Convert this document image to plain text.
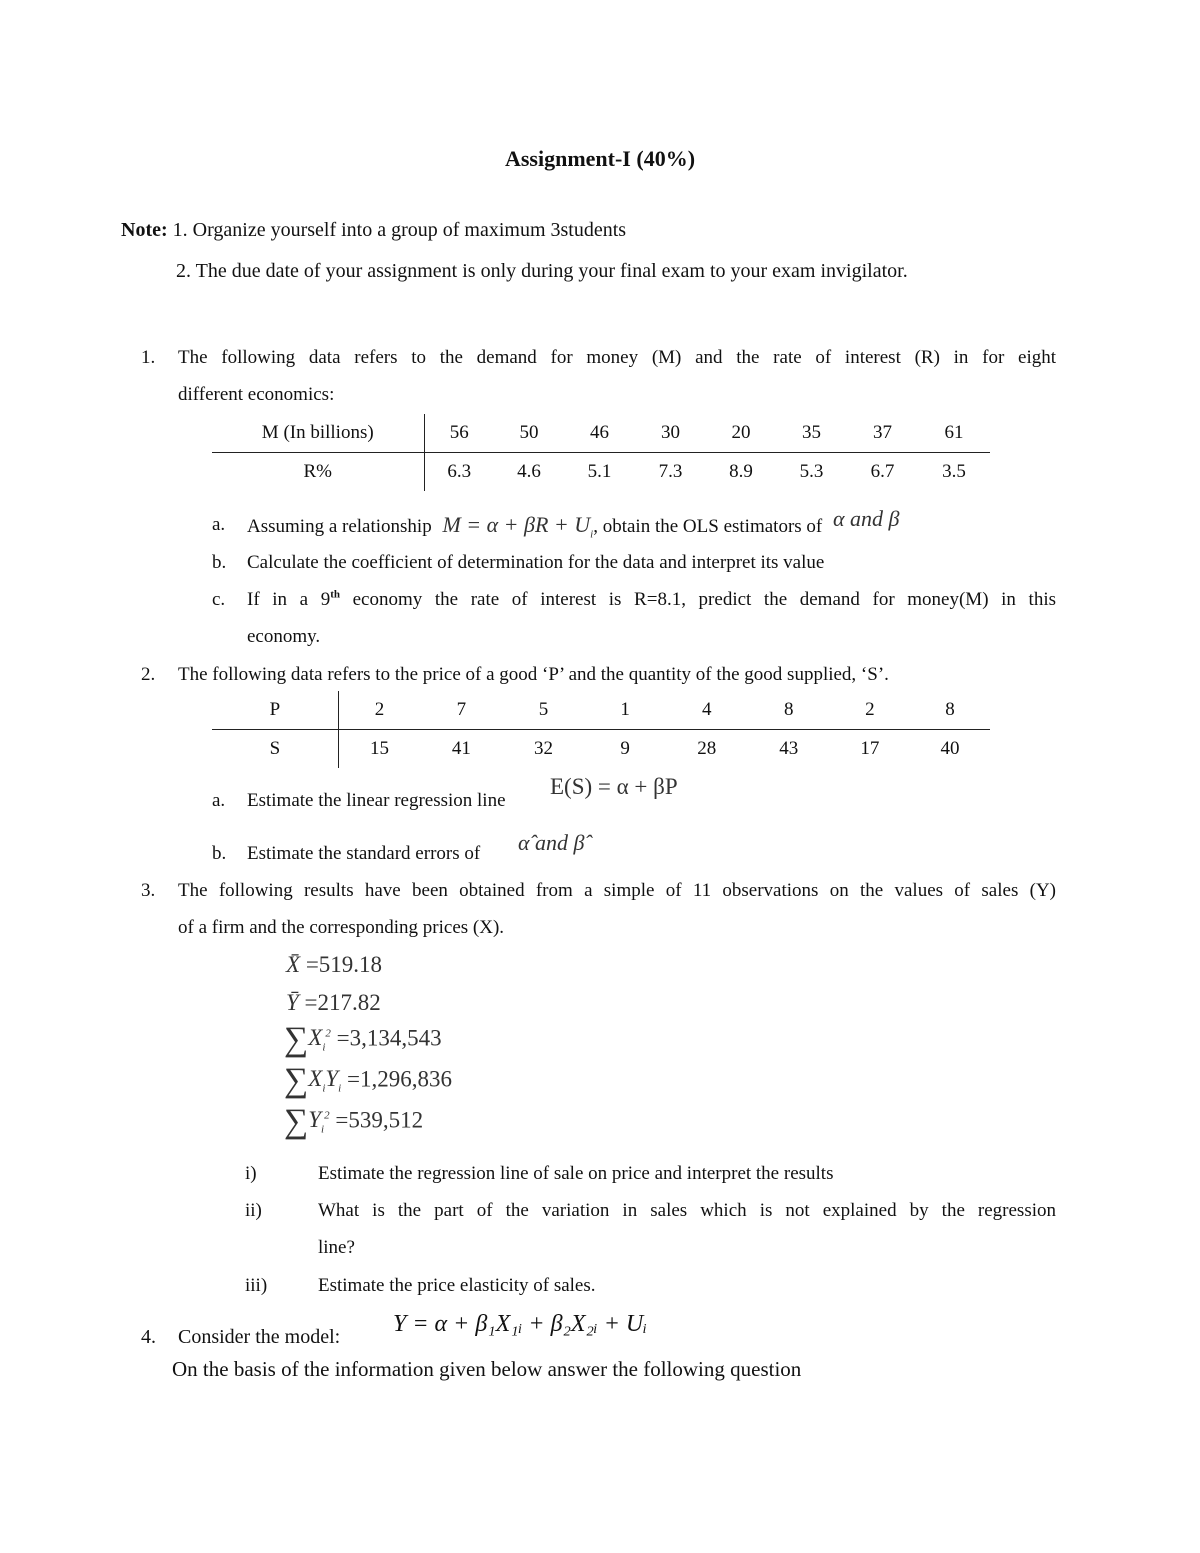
Assignment-I (40%)
Note: 1. Organize yourself into a group of maximum 3students
2. The due date of your assignment is only during your final exam to your exam invigilator.
1. The following data refers to the demand for money (M) and the rate of interest (R) in for eight
different economics:
M (In billions)	56	50	46	30	20	35	37	61
R%	6.3	4.6	5.1	7.3	8.9	5.3	6.7	3.5
a. Assuming a relationship $M = \alpha + \beta R + U_i$, obtain the OLS estimators of α and β
b. Calculate the coefficient of determination for the data and interpret its value
c. If in a 9th economy the rate of interest is R=8.1, predict the demand for money(M) in this
economy.
2. The following data refers to the price of a good ‘P’ and the quantity of the good supplied, ‘S’.
P	2	7	5	1	4	8	2	8
S	15	41	32	9	28	43	17	40
a. Estimate the linear regression line
E(S) = α + βP
b. Estimate the standard errors of α̂ and β̂
3. The following results have been obtained from a simple of 11 observations on the values of sales (Y)
of a firm and the corresponding prices (X).
X̄ =519.18
Ȳ =217.82
$\sum X_i^2 =3,134,543$
$\sum X_iY_i =1,296,836$
$\sum Y_i^2 =539,512$
i)	Estimate the regression line of sale on price and interpret the results
ii)	What is the part of the variation in sales which is not explained by the regression
line?
iii)	Estimate the price elasticity of sales.
4. Consider the model: Y = α + β₁X₁ᵢ + β₂X₂ᵢ + Uᵢ
On the basis of the information given below answer the following question
